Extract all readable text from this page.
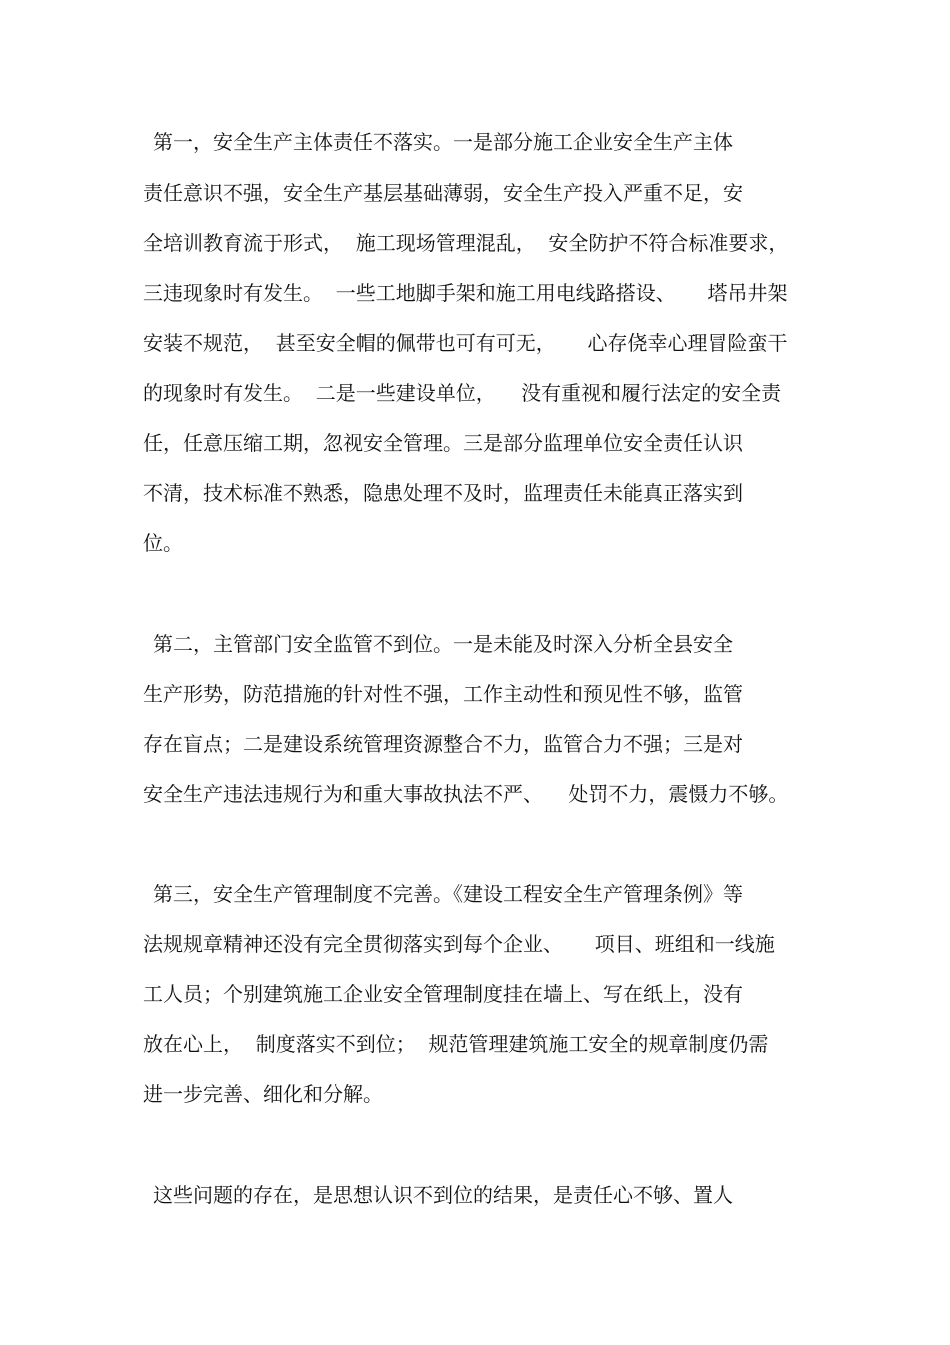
第一，安全生产主体责任不落实。一是部分施工企业安全生产主体
责任意识不强，安全生产基层基础薄弱，安全生产投入严重不足，安
全培训教育流于形式，  施工现场管理混乱，  安全防护不符合标准要求，
三违现象时有发生。  一些工地脚手架和施工用电线路搭设、     塔吊井架
安装不规范，  甚至安全帽的佩带也可有可无，     心存侥幸心理冒险蛮干
的现象时有发生。  二是一些建设单位，    没有重视和履行法定的安全责
任，任意压缩工期，忽视安全管理。三是部分监理单位安全责任认识
不清，技术标准不熟悉，隐患处理不及时，监理责任未能真正落实到
位。
第二，主管部门安全监管不到位。一是未能及时深入分析全县安全
生产形势，防范措施的针对性不强，工作主动性和预见性不够，监管
存在盲点；二是建设系统管理资源整合不力，监管合力不强；三是对
安全生产违法违规行为和重大事故执法不严、    处罚不力，震慑力不够。
第三，安全生产管理制度不完善。《建设工程安全生产管理条例》等
法规规章精神还没有完全贯彻落实到每个企业、     项目、班组和一线施
工人员；个别建筑施工企业安全管理制度挂在墙上、写在纸上，没有
放在心上，  制度落实不到位；  规范管理建筑施工安全的规章制度仍需
进一步完善、细化和分解。
这些问题的存在，是思想认识不到位的结果，是责任心不够、置人
